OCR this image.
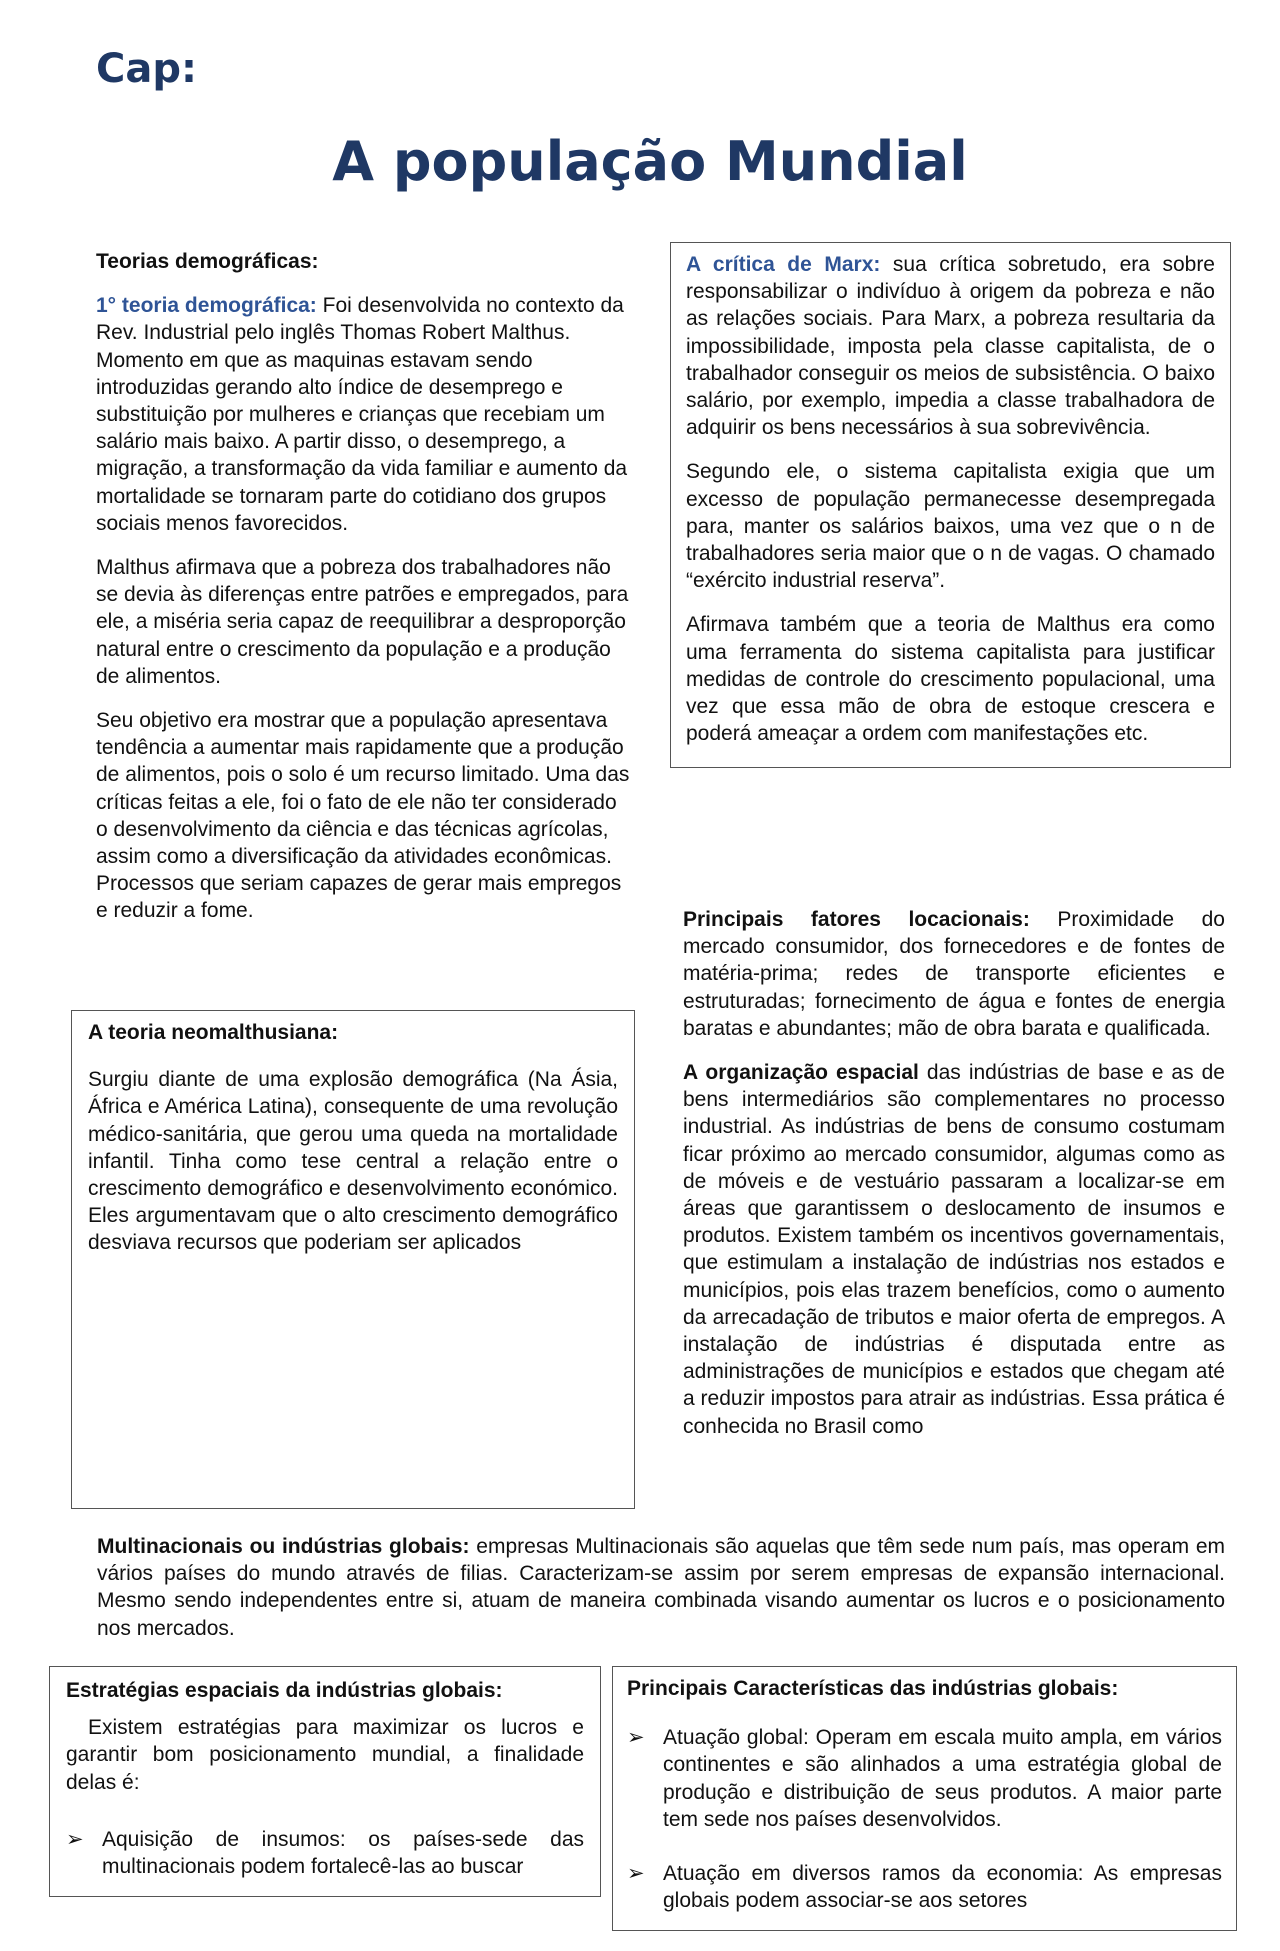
Cap:
A população Mundial

Teorias demográficas:

1° teoria demográfica: Foi desenvolvida no contexto da Rev. Industrial pelo inglês Thomas Robert Malthus. Momento em que as maquinas estavam sendo introduzidas gerando alto índice de desemprego e substituição por mulheres e crianças que recebiam um salário mais baixo. A partir disso, o desemprego, a migração, a transformação da vida familiar e aumento da mortalidade se tornaram parte do cotidiano dos grupos sociais menos favorecidos.

Malthus afirmava que a pobreza dos trabalhadores não se devia às diferenças entre patrões e empregados, para ele, a miséria seria capaz de reequilibrar a desproporção natural entre o crescimento da população e a produção de alimentos.

Seu objetivo era mostrar que a população apresentava tendência a aumentar mais rapidamente que a produção de alimentos, pois o solo é um recurso limitado. Uma das críticas feitas a ele, foi o fato de ele não ter considerado o desenvolvimento da ciência e das técnicas agrícolas, assim como a diversificação da atividades econômicas. Processos que seriam capazes de gerar mais empregos e reduzir a fome.

A crítica de Marx: sua crítica sobretudo, era sobre responsabilizar o indivíduo à origem da pobreza e não as relações sociais. Para Marx, a pobreza resultaria da impossibilidade, imposta pela classe capitalista, de o trabalhador conseguir os meios de subsistência. O baixo salário, por exemplo, impedia a classe trabalhadora de adquirir os bens necessários à sua sobrevivência.

Segundo ele, o sistema capitalista exigia que um excesso de população permanecesse desempregada para, manter os salários baixos, uma vez que o n de trabalhadores seria maior que o n de vagas. O chamado “exército industrial reserva”.

Afirmava também que a teoria de Malthus era como uma ferramenta do sistema capitalista para justificar medidas de controle do crescimento populacional, uma vez que essa mão de obra de estoque crescera e poderá ameaçar a ordem com manifestações etc.

A teoria neomalthusiana:

Surgiu diante de uma explosão demográfica (Na Ásia, África e América Latina), consequente de uma revolução médico-sanitária, que gerou uma queda na mortalidade infantil. Tinha como tese central a relação entre o crescimento demográfico e desenvolvimento económico. Eles argumentavam que o alto crescimento demográfico desviava recursos que poderiam ser aplicados

Principais fatores locacionais: Proximidade do mercado consumidor, dos fornecedores e de fontes de matéria-prima; redes de transporte eficientes e estruturadas; fornecimento de água e fontes de energia baratas e abundantes; mão de obra barata e qualificada.

A organização espacial das indústrias de base e as de bens intermediários são complementares no processo industrial. As indústrias de bens de consumo costumam ficar próximo ao mercado consumidor, algumas como as de móveis e de vestuário passaram a localizar-se em áreas que garantissem o deslocamento de insumos e produtos. Existem também os incentivos governamentais, que estimulam a instalação de indústrias nos estados e municípios, pois elas trazem benefícios, como o aumento da arrecadação de tributos e maior oferta de empregos. A instalação de indústrias é disputada entre as administrações de municípios e estados que chegam até a reduzir impostos para atrair as indústrias. Essa prática é conhecida no Brasil como

Multinacionais ou indústrias globais: empresas Multinacionais são aquelas que têm sede num país, mas operam em vários países do mundo através de filias. Caracterizam-se assim por serem empresas de expansão internacional. Mesmo sendo independentes entre si, atuam de maneira combinada visando aumentar os lucros e o posicionamento nos mercados.

Estratégias espaciais da indústrias globais:

Existem estratégias para maximizar os lucros e garantir bom posicionamento mundial, a finalidade delas é:

➢ Aquisição de insumos: os países-sede das multinacionais podem fortalecê-las ao buscar

Principais Características das indústrias globais:

➢ Atuação global: Operam em escala muito ampla, em vários continentes e são alinhados a uma estratégia global de produção e distribuição de seus produtos. A maior parte tem sede nos países desenvolvidos.
➢ Atuação em diversos ramos da economia: As empresas globais podem associar-se aos setores
